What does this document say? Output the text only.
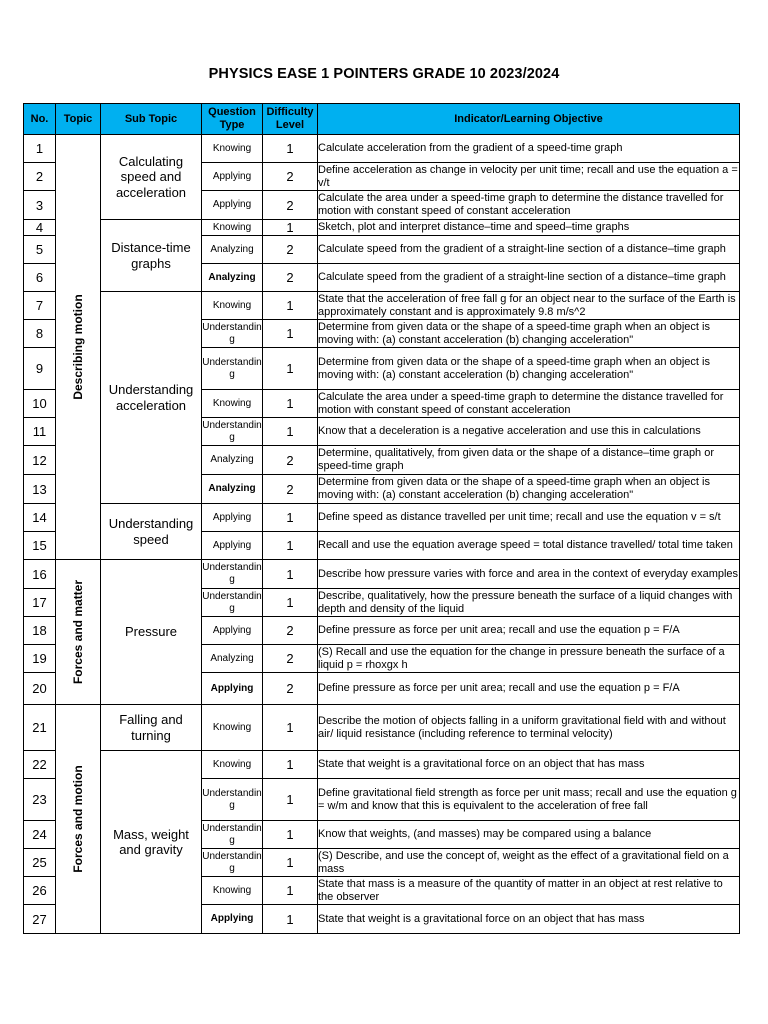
PHYSICS EASE 1 POINTERS GRADE 10 2023/2024
No.	Topic	Sub Topic	Question Type	Difficulty Level	Indicator/Learning Objective
1	Describing motion	Calculating speed and acceleration	Knowing	1	Calculate acceleration from the gradient of a speed-time graph
2			Applying	2	Define acceleration as change in velocity per unit time; recall and use the equation a = v/t
3			Applying	2	Calculate the area under a speed-time graph to determine the distance travelled for motion with constant speed of constant acceleration
4		Distance-time graphs	Knowing	1	Sketch, plot and interpret distance–time and speed–time graphs
5			Analyzing	2	Calculate speed from the gradient of a straight-line section of a distance–time graph
6			Analyzing	2	Calculate speed from the gradient of a straight-line section of a distance–time graph
7		Understanding acceleration	Knowing	1	State that the acceleration of free fall g for an object near to the surface of the Earth is approximately constant and is approximately 9.8 m/s^2
8			Understanding	1	Determine from given data or the shape of a speed-time graph when an object is moving with: (a) constant acceleration (b) changing acceleration"
9			Understanding	1	Determine from given data or the shape of a speed-time graph when an object is moving with: (a) constant acceleration (b) changing acceleration"
10			Knowing	1	Calculate the area under a speed-time graph to determine the distance travelled for motion with constant speed of constant acceleration
11			Understanding	1	Know that a deceleration is a negative acceleration and use this in calculations
12			Analyzing	2	Determine, qualitatively, from given data or the shape of a distance–time graph or speed-time graph
13			Analyzing	2	Determine from given data or the shape of a speed-time graph when an object is moving with: (a) constant acceleration (b) changing acceleration"
14		Understanding speed	Applying	1	Define speed as distance travelled per unit time; recall and use the equation v = s/t
15			Applying	1	Recall and use the equation average speed = total distance travelled/ total time taken
16	Forces and matter	Pressure	Understanding	1	Describe how pressure varies with force and area in the context of everyday examples
17			Understanding	1	Describe, qualitatively, how the pressure beneath the surface of a liquid changes with depth and density of the liquid
18			Applying	2	Define pressure as force per unit area; recall and use the equation p = F/A
19			Analyzing	2	(S) Recall and use the equation for the change in pressure beneath the surface of a liquid p = rhoxgx h
20			Applying	2	Define pressure as force per unit area; recall and use the equation p = F/A
21	Forces and motion	Falling and turning	Knowing	1	Describe the motion of objects falling in a uniform gravitational field with and without air/ liquid resistance (including reference to terminal velocity)
22		Mass, weight and gravity	Knowing	1	State that weight is a gravitational force on an object that has mass
23			Understanding	1	Define gravitational field strength as force per unit mass; recall and use the equation g = w/m and know that this is equivalent to the acceleration of free fall
24			Understanding	1	Know that weights, (and masses) may be compared using a balance
25			Understanding	1	(S) Describe, and use the concept of, weight as the effect of a gravitational field on a mass
26			Knowing	1	State that mass is a measure of the quantity of matter in an object at rest relative to the observer
27			Applying	1	State that weight is a gravitational force on an object that has mass
